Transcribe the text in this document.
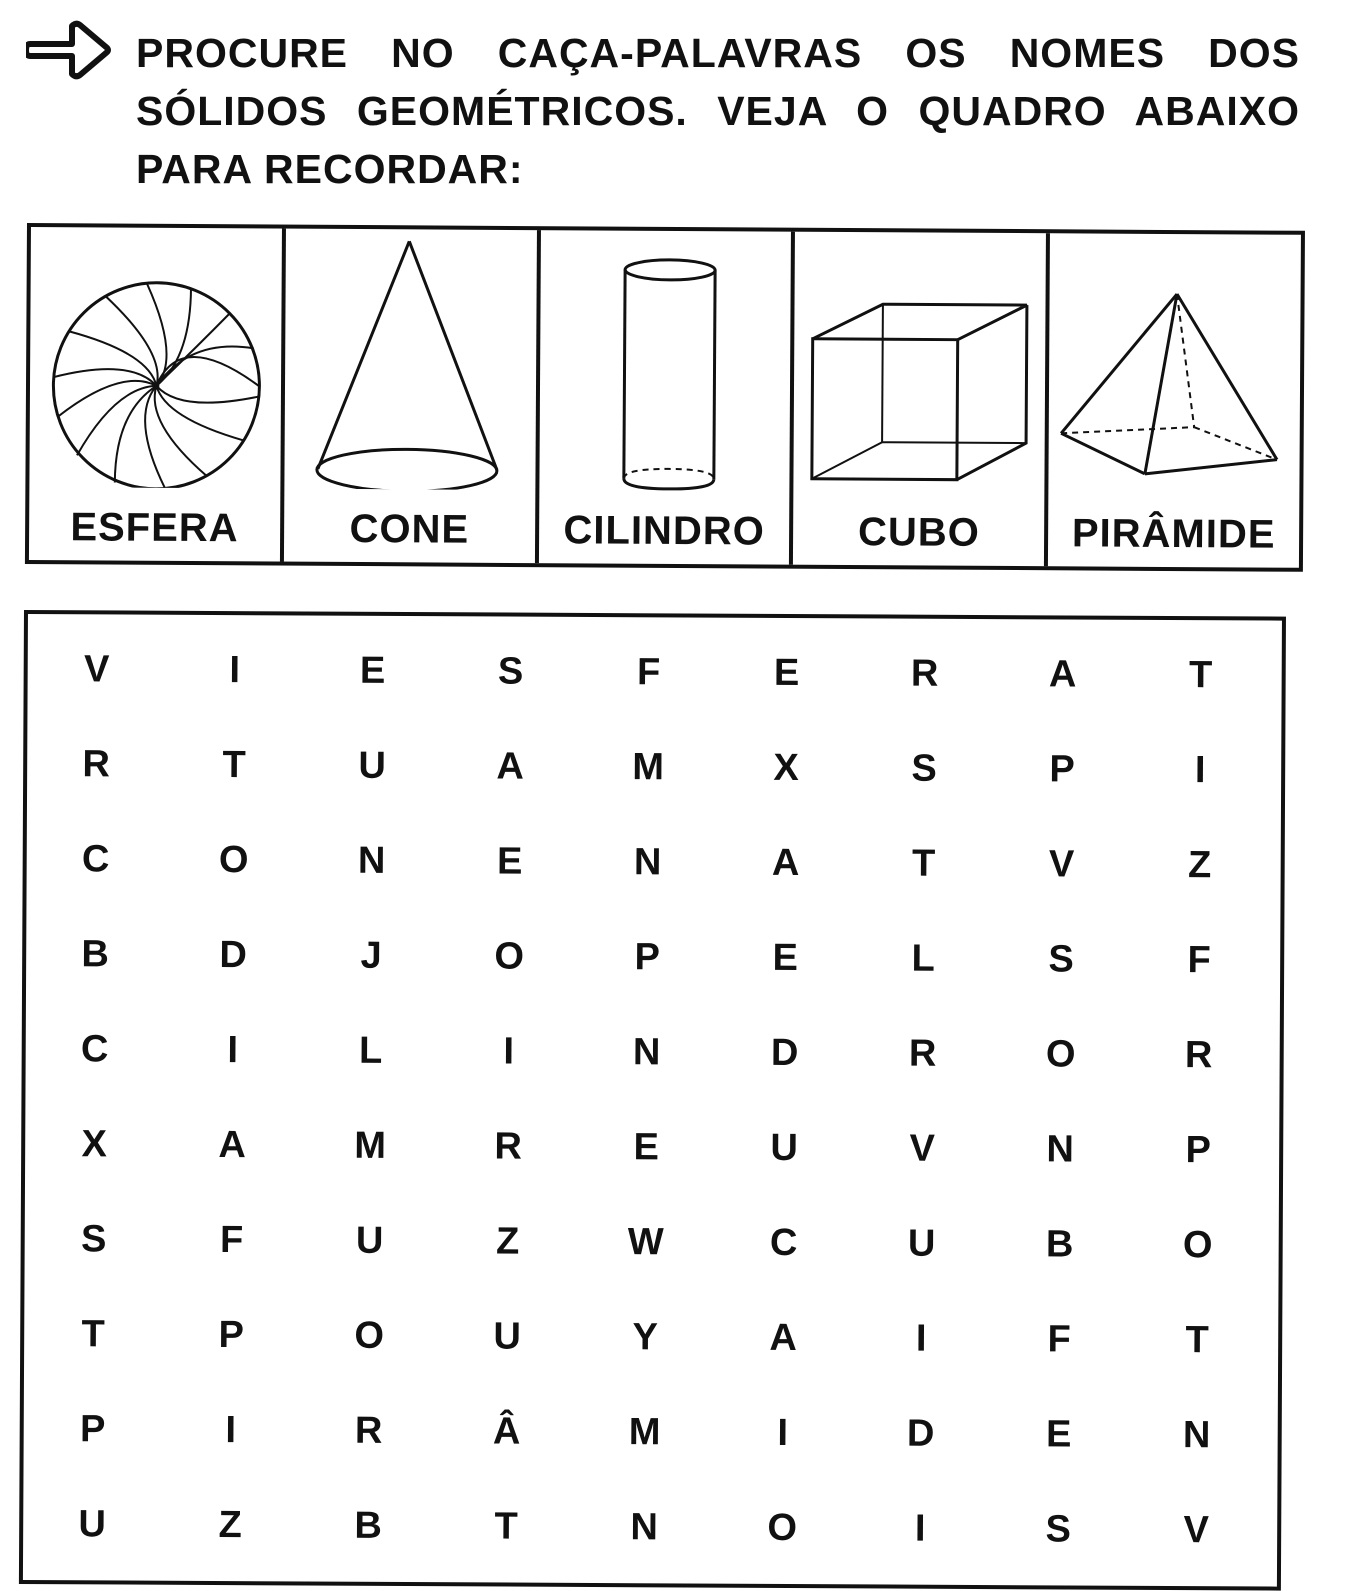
PROCURE NO CAÇA-PALAVRAS OS NOMES DOS SÓLIDOS GEOMÉTRICOS. VEJA O QUADRO ABAIXO PARA RECORDAR:
ESFERA	CONE	CILINDRO	CUBO	PIRÂMIDE
V	I	E	S	F	E	R	A	T
R	T	U	A	M	X	S	P	I
C	O	N	E	N	A	T	V	Z
B	D	J	O	P	E	L	S	F
C	I	L	I	N	D	R	O	R
X	A	M	R	E	U	V	N	P
S	F	U	Z	W	C	U	B	O
T	P	O	U	Y	A	I	F	T
P	I	R	Â	M	I	D	E	N
U	Z	B	T	N	O	I	S	V
